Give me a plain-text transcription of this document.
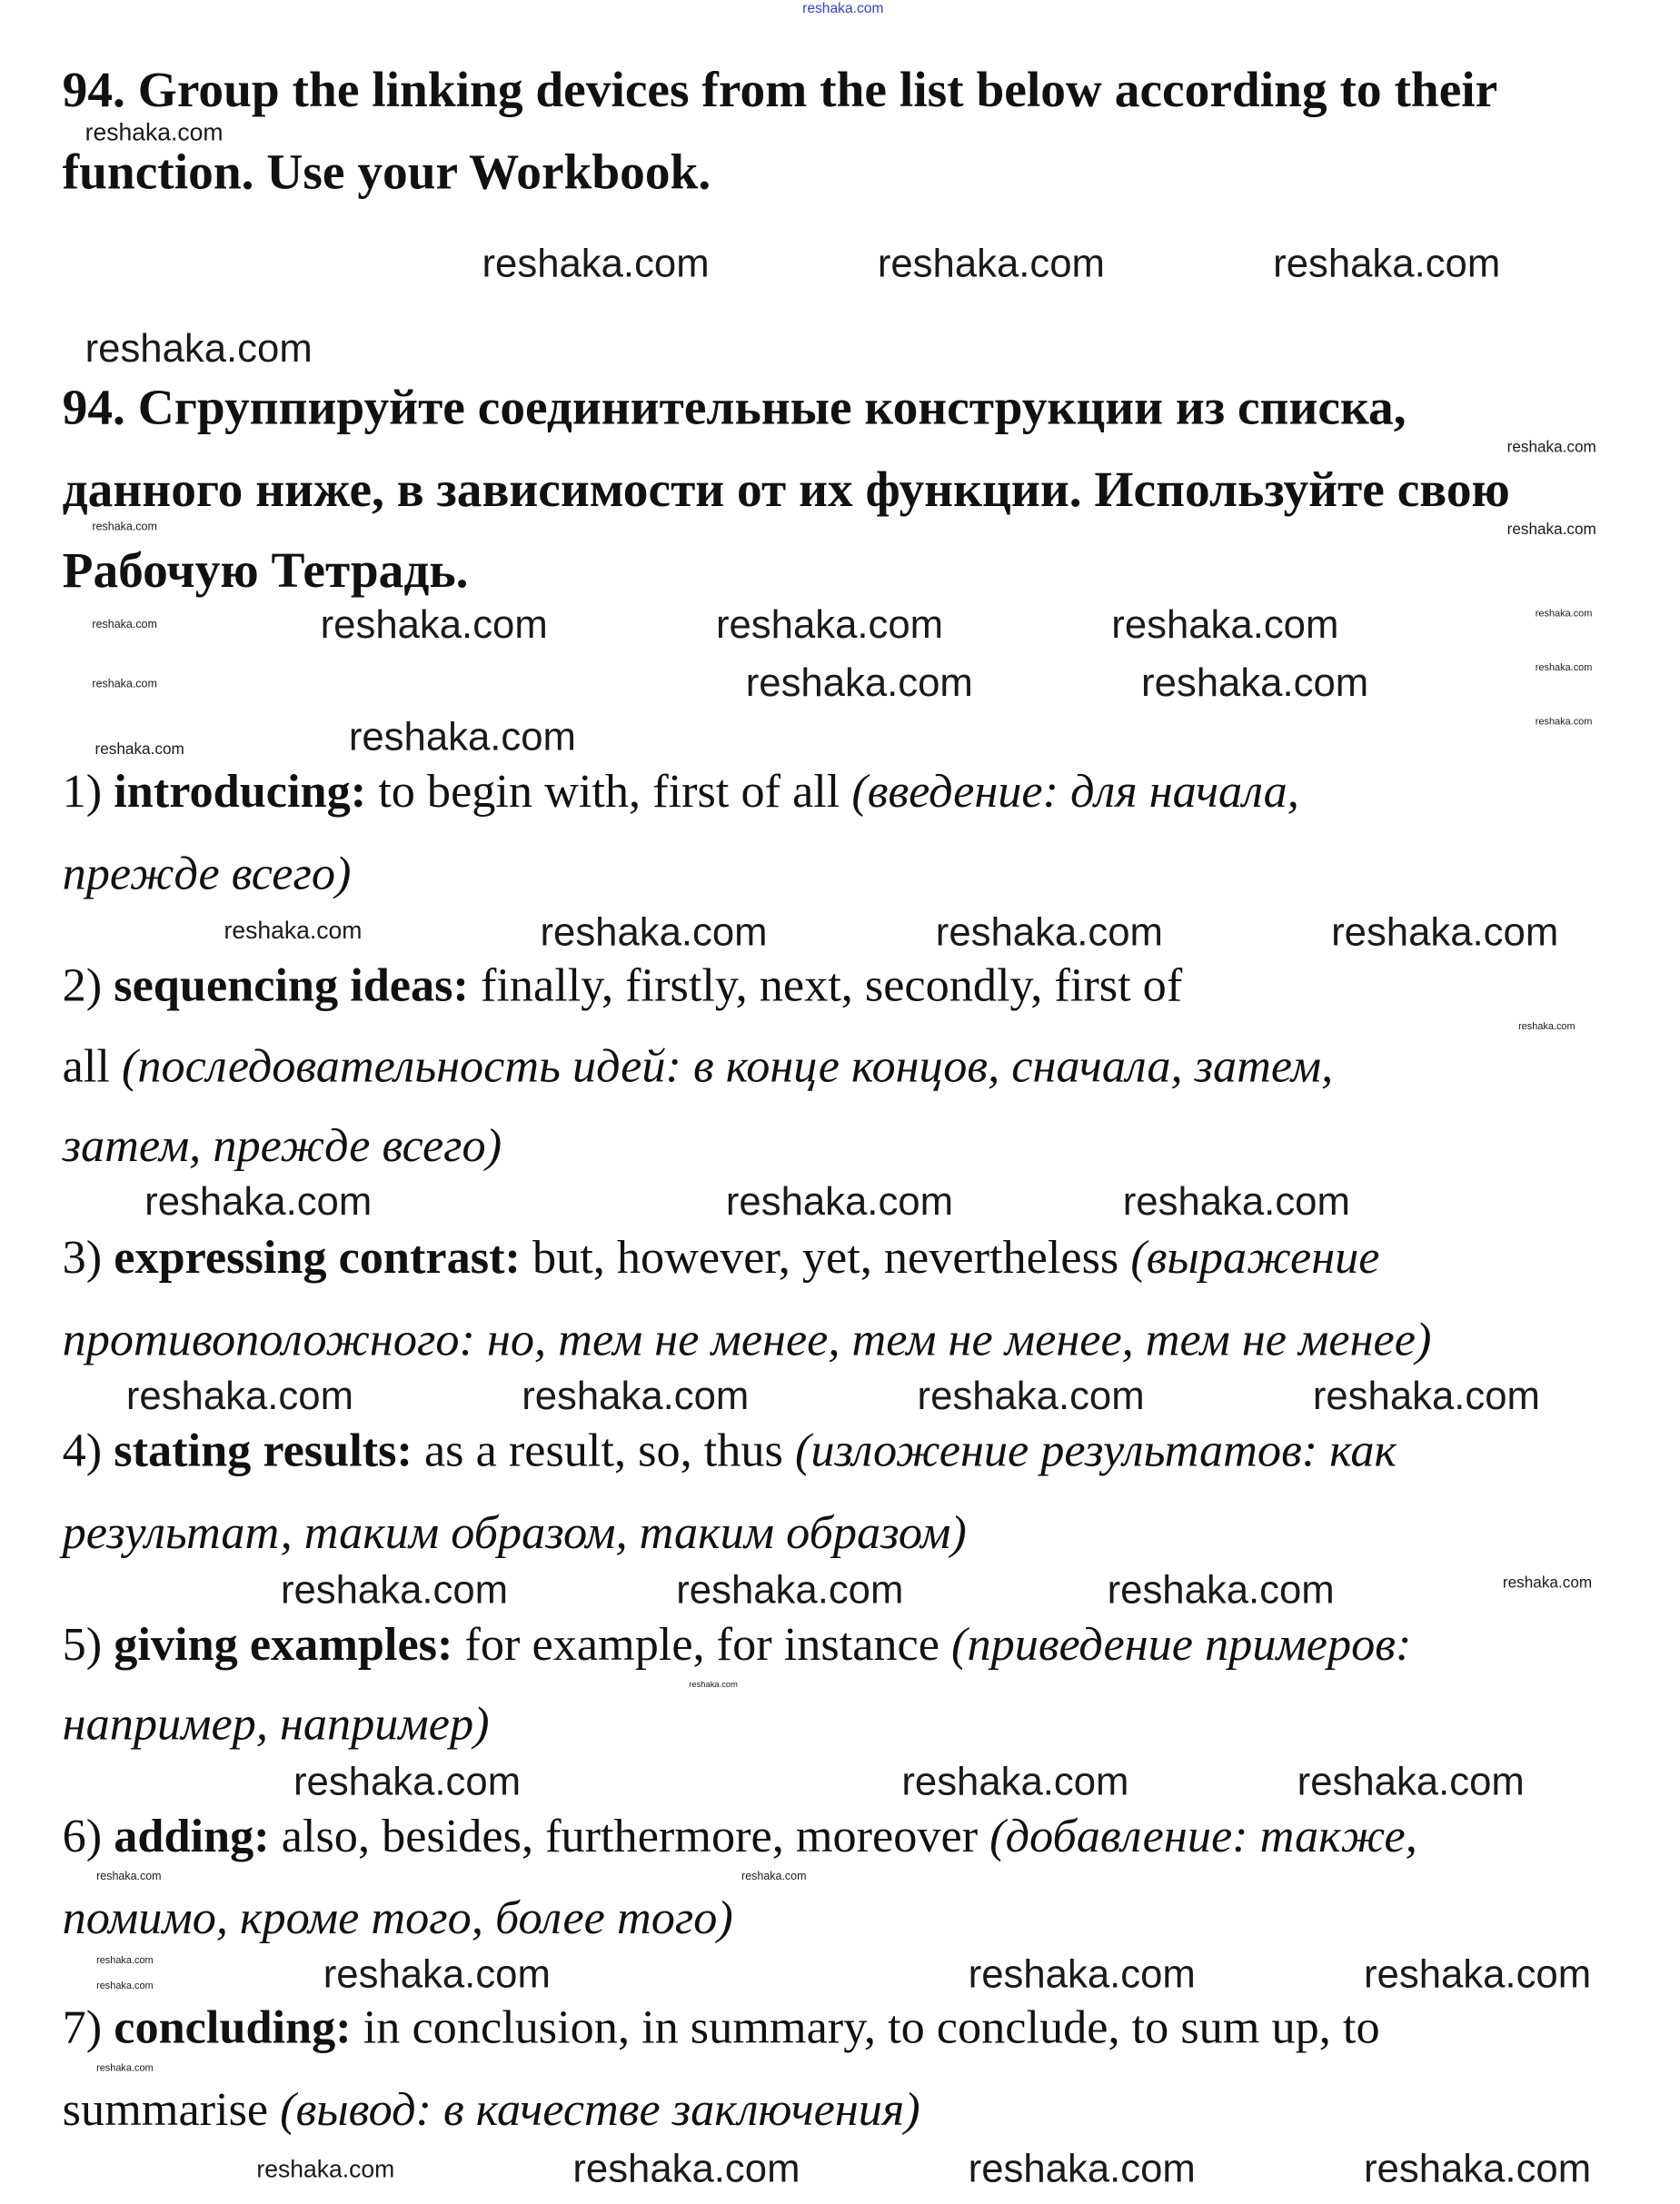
reshaka.com
94. Group the linking devices from the list below according to their
function. Use your Workbook.
94. Сгруппируйте соединительные конструкции из списка,
данного ниже, в зависимости от их функции. Используйте свою
Рабочую Тетрадь.
1) introducing: to begin with, first of all (введение: для начала,
прежде всего)
2) sequencing ideas: finally, firstly, next, secondly, first of
all (последовательность идей: в конце концов, сначала, затем,
затем, прежде всего)
3) expressing contrast: but, however, yet, nevertheless (выражение
противоположного: но, тем не менее, тем не менее, тем не менее)
4) stating results: as a result, so, thus (изложение результатов: как
результат, таким образом, таким образом)
5) giving examples: for example, for instance (приведение примеров:
например, например)
6) adding: also, besides, furthermore, moreover (добавление: также,
помимо, кроме того, более того)
7) concluding: in conclusion, in summary, to conclude, to sum up, to
summarise (вывод: в качестве заключения)
reshaka.com	reshaka.com	reshaka.com
reshaka.com
reshaka.com	reshaka.com
reshaka.com
reshaka.com	reshaka.com
reshaka.com
reshaka.com	reshaka.com
reshaka.com
reshaka.com	reshaka.com	reshaka.com
reshaka.com	reshaka.com	reshaka.com	reshaka.com
reshaka.com	reshaka.com	reshaka.com
reshaka.com	reshaka.com	reshaka.com
reshaka.com	reshaka.com	reshaka.com
reshaka.com	reshaka.com	reshaka.com
reshaka.com
reshaka.com
reshaka.com
reshaka.com
reshaka.com
reshaka.com
reshaka.com
reshaka.com
reshaka.com
reshaka.com
reshaka.com
reshaka.com
reshaka.com
reshaka.com
reshaka.com
reshaka.com	reshaka.com
reshaka.com
reshaka.com
reshaka.com
